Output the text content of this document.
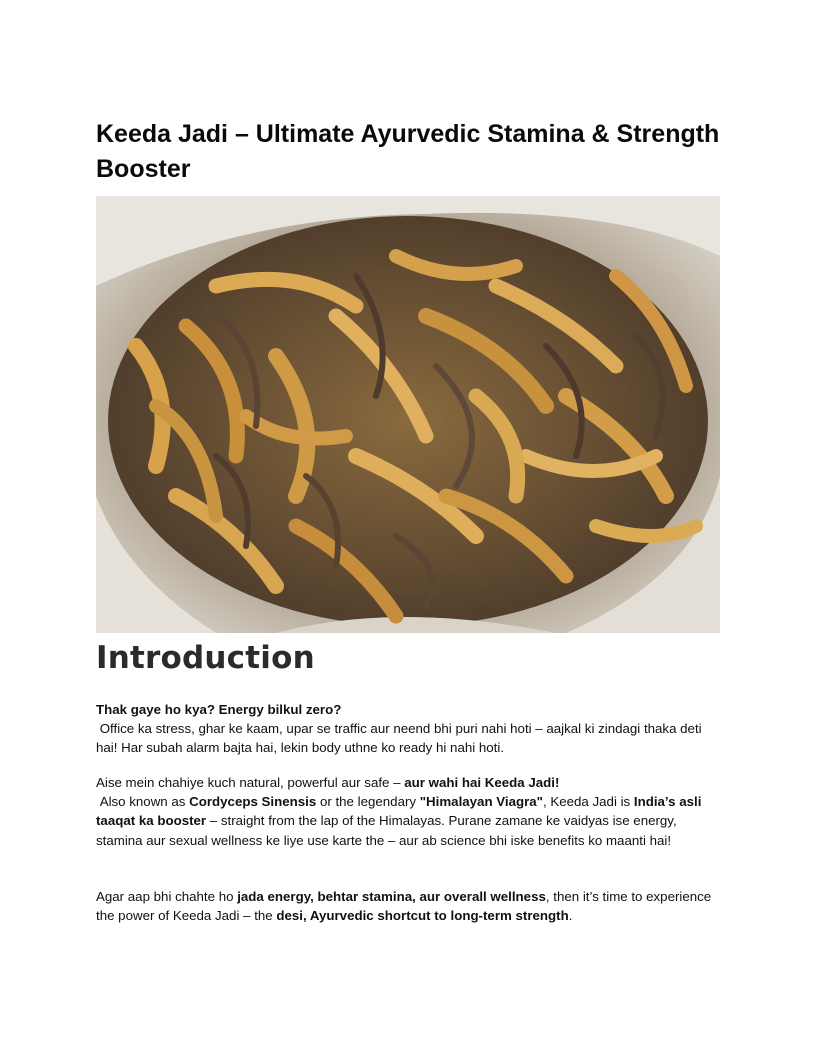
Keeda Jadi – Ultimate Ayurvedic Stamina & Strength Booster
Introduction

Thak gaye ho kya? Energy bilkul zero?
Office ka stress, ghar ke kaam, upar se traffic aur neend bhi puri nahi hoti – aajkal ki zindagi thaka deti hai! Har subah alarm bajta hai, lekin body uthne ko ready hi nahi hoti.

Aise mein chahiye kuch natural, powerful aur safe – aur wahi hai Keeda Jadi!
Also known as Cordyceps Sinensis or the legendary "Himalayan Viagra", Keeda Jadi is India’s asli taaqat ka booster – straight from the lap of the Himalayas. Purane zamane ke vaidyas ise energy, stamina aur sexual wellness ke liye use karte the – aur ab science bhi iske benefits ko maanti hai!

Agar aap bhi chahte ho jada energy, behtar stamina, aur overall wellness, then it’s time to experience the power of Keeda Jadi – the desi, Ayurvedic shortcut to long-term strength.
